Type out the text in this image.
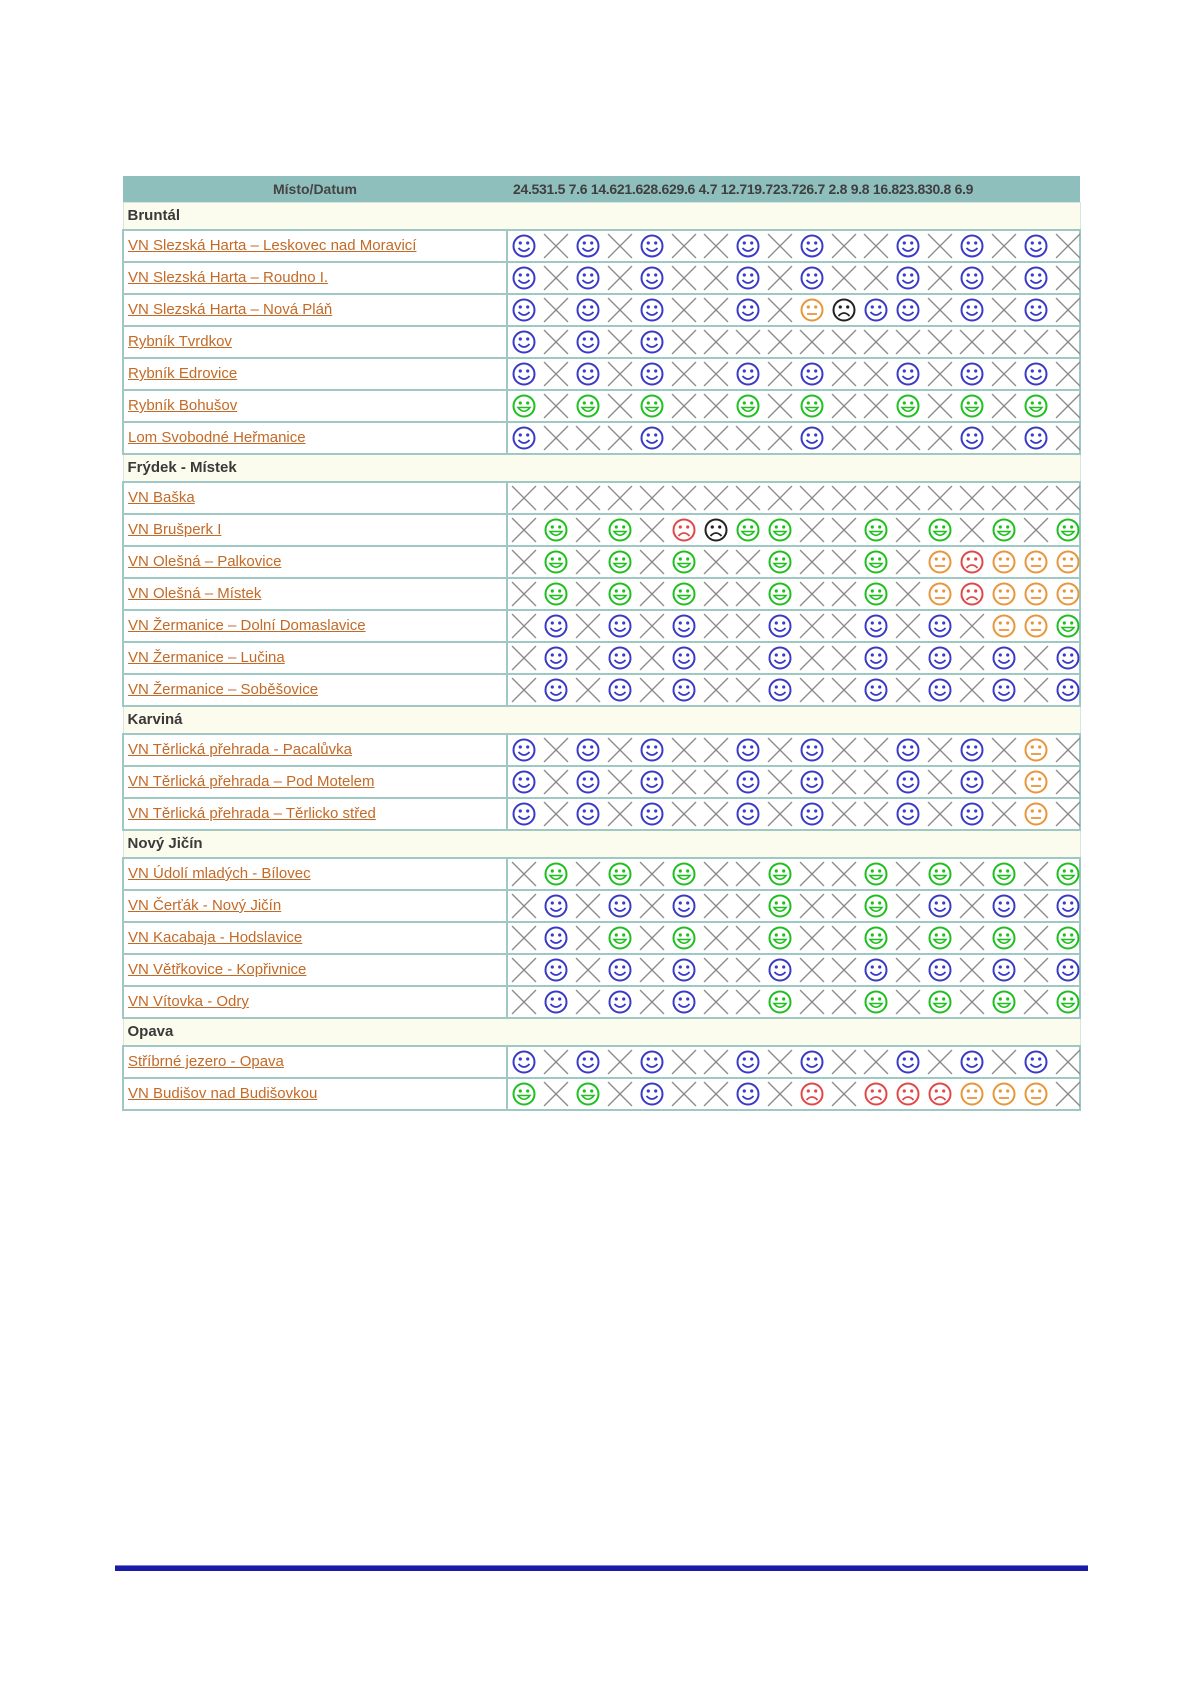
Místo/Datum	24.531.5 7.6 14.621.628.629.6 4.7 12.719.723.726.7 2.8 9.8 16.823.830.8 6.9
Bruntál	
VN Slezská Harta – Leskovec nad Moravicí	

VN Slezská Harta – Roudno I.	

VN Slezská Harta – Nová Pláň	

Rybník Tvrdkov	

Rybník Edrovice	

Rybník Bohušov	

Lom Svobodné Heřmanice	

Frýdek - Místek	
VN Baška	

VN Brušperk I	

VN Olešná – Palkovice	

VN Olešná – Místek	

VN Žermanice – Dolní Domaslavice	

VN Žermanice – Lučina	

VN Žermanice – Soběšovice	

Karviná	
VN Těrlická přehrada - Pacalůvka	

VN Těrlická přehrada – Pod Motelem	

VN Těrlická přehrada – Těrlicko střed	

Nový Jičín	
VN Údolí mladých - Bílovec	

VN Čerťák - Nový Jičín	

VN Kacabaja - Hodslavice	

VN Větřkovice - Kopřivnice	

VN Vítovka - Odry	

Opava	
Stříbrné jezero - Opava	

VN Budišov nad Budišovkou	
